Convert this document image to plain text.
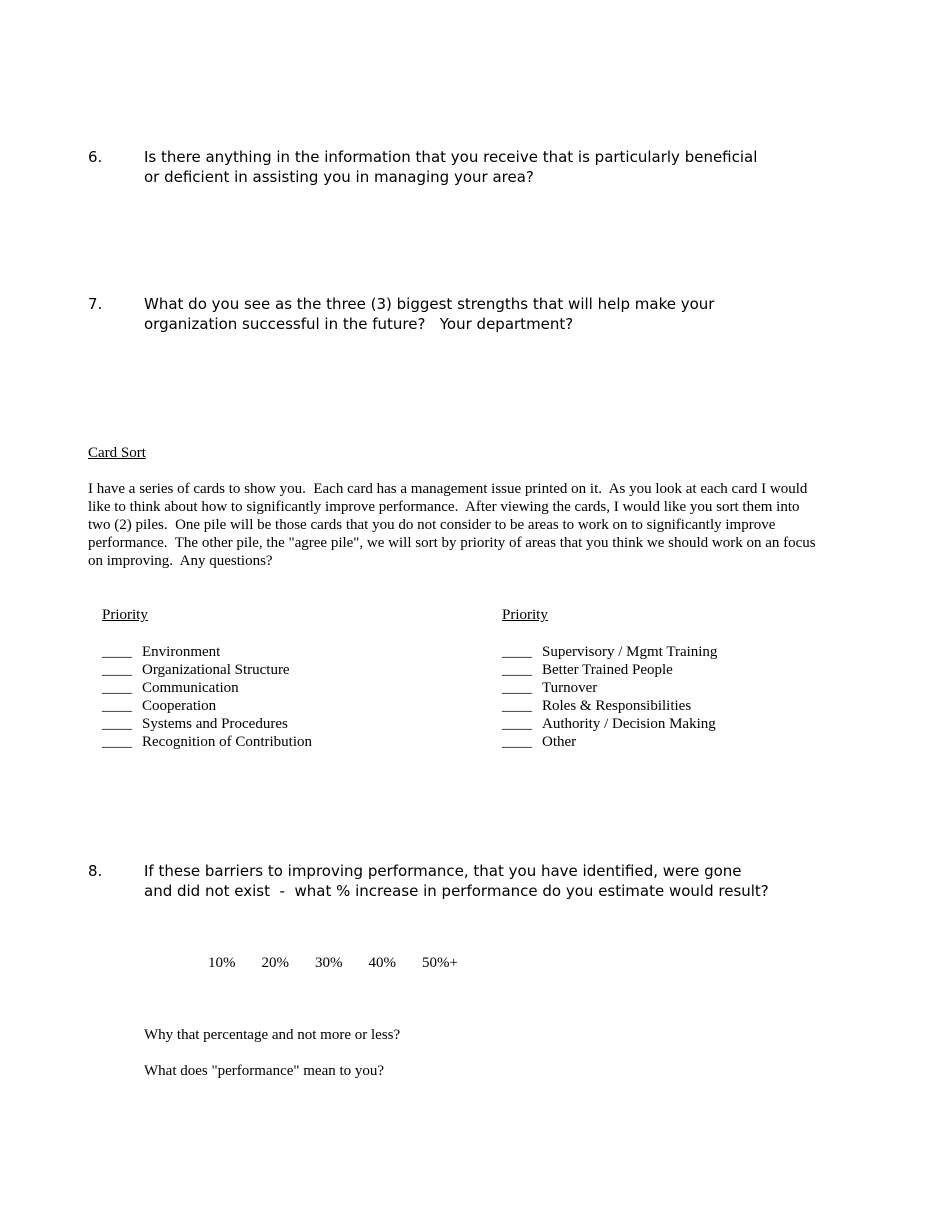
6.	Is there anything in the information that you receive that is particularly beneficial
or deficient in assisting you in managing your area?
7.	What do you see as the three (3) biggest strengths that will help make your
organization successful in the future?   Your department?
Card Sort
I have a series of cards to show you.  Each card has a management issue printed on it.  As you look at each card I would
like to think about how to significantly improve performance.  After viewing the cards, I would like you sort them into
two (2) piles.  One pile will be those cards that you do not consider to be areas to work on to significantly improve
performance.  The other pile, the "agree pile", we will sort by priority of areas that you think we should work on an focus
on improving.  Any questions?
Priority
____ Environment
____ Organizational Structure
____ Communication
____ Cooperation
____ Systems and Procedures
____ Recognition of Contribution
Priority
____ Supervisory / Mgmt Training
____ Better Trained People
____ Turnover
____ Roles & Responsibilities
____ Authority / Decision Making
____ Other
8.	If these barriers to improving performance, that you have identified, were gone
and did not exist  -  what % increase in performance do you estimate would result?
10% 20% 30% 40% 50%+
Why that percentage and not more or less?
What does "performance" mean to you?
